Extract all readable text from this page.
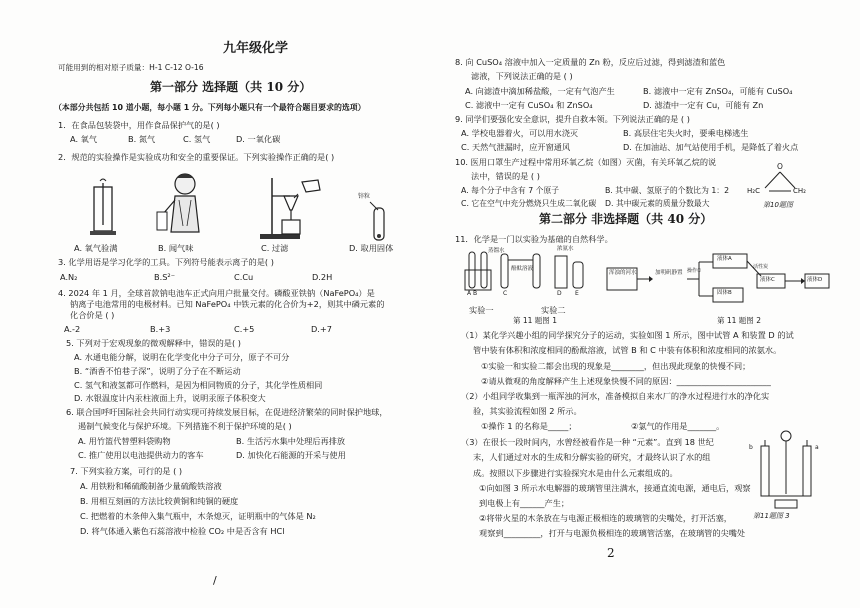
九年级化学
可能用到的相对原子质量：H-1 C-12 O-16
第一部分 选择题（共 10 分）
（本部分共包括 10 道小题，每小题 1 分。下列每小题只有一个最符合题目要求的选项）
1．在食品包装袋中，用作食品保护气的是( )
A. 氧气	B. 氮气	C. 氢气	D. 一氧化碳
2．规范的实验操作是实验成功和安全的重要保证。下列实验操作正确的是( )
锌粒
A. 氧气验满	B. 闻气味	C. 过滤	D. 取用固体
3. 化学用语是学习化学的工具。下列符号能表示离子的是( )
A.N₂	B.S²⁻	C.Cu	D.2H
4. 2024 年 1 月，全球首款钠电池车正式向用户批量交付。磷酸亚铁钠（NaFePO₄）是
钠离子电池常用的电极材料。已知 NaFePO₄ 中铁元素的化合价为+2，则其中磷元素的
化合价是 ( )
A.-2	B.+3	C.+5	D.+7
5. 下列对于宏观现象的微观解释中，错误的是( )
A. 水通电能分解，说明在化学变化中分子可分，原子不可分
B. “酒香不怕巷子深”，说明了分子在不断运动
C. 氢气和液氢都可作燃料，是因为相同物质的分子，其化学性质相同
D. 水银温度计内汞柱液面上升，说明汞原子体积变大
6. 联合国呼吁国际社会共同行动实现可持续发展目标，在促进经济繁荣的同时保护地球，
遏制气候变化与保护环境。下列措施不利于保护环境的是( )
A. 用竹篮代替塑料袋购物	B. 生活污水集中处理后再排放
C. 推广使用以电池提供动力的客车	D. 加快化石能源的开采与使用
7. 下列实验方案，可行的是 ( )
A. 用铁粉和稀硫酸制备少量硫酸铁溶液
B. 用相互刻画的方法比较黄铜和纯铜的硬度
C. 把燃着的木条伸入集气瓶中，木条熄灭，证明瓶中的气体是 N₂
D. 将气体通入紫色石蕊溶液中检验 CO₂ 中是否含有 HCl
/
8. 向 CuSO₄ 溶液中加入一定质量的 Zn 粉，反应后过滤，得到滤渣和蓝色
滤液，下列说法正确的是 ( )
A. 向滤渣中滴加稀盐酸，一定有气泡产生	B. 滤液中一定有 ZnSO₄，可能有 CuSO₄
C. 滤液中一定有 CuSO₄ 和 ZnSO₄	D. 滤渣中一定有 Cu，可能有 Zn
9. 同学们要强化安全意识，提升自救本领。下列说法正确的是 ( )
A. 学校电器着火，可以用水浇灭	B. 高层住宅失火时，要乘电梯逃生
C. 天然气泄漏时，应开窗通风	D. 在加油站、加气站使用手机，是降低了着火点
10. 医用口罩生产过程中常用环氧乙烷（如图）灭菌，有关环氧乙烷的说
法中，错误的是 ( )
A. 每个分子中含有 7 个原子	B. 其中碳、氢原子的个数比为 1：2
C. 它在空气中充分燃烧只生成二氧化碳 D. 其中碳元素的质量分数最大
O
H₂C	CH₂
第10题图
第二部分 非选择题（共 40 分）
11．化学是一门以实验为基础的自然科学。
蒸馏水
酚酞溶液
浓氨水
A B	C	D E
实验一	实验二
第 11 题图 1
浑浊的河水	加明矾静置 操作①
液体A
固体B
活性炭
液体C	液体D
第 11 题图 2
（1）某化学兴趣小组的同学探究分子的运动，实验如图 1 所示，图中试管 A 和装置 D 的试
管中装有体积和浓度相同的酚酞溶液，试管 B 和 C 中装有体积和浓度相同的浓氨水。
①实验一和实验二都会出现的现象是________，但出现此现象的快慢不同；
②请从微观的角度解释产生上述现象快慢不同的原因：_______________________
（2）小组同学收集到一瓶浑浊的河水，准备模拟自来水厂的净水过程进行水的净化实
验，其实验流程如图 2 所示。
①操作 1 的名称是_____；	②氯气的作用是_______。
（3）在很长一段时间内，水曾经被看作是一种 “元素”。直到 18 世纪
末，人们通过对水的生成和分解实验的研究，才最终认识了水的组
成。按照以下步骤进行实验探究水是由什么元素组成的。
①向如图 3 所示水电解器的玻璃管里注满水，接通直流电源，通电后，观察
到电极上有______产生；
②将带火星的木条放在与电源正极相连的玻璃管的尖嘴处，打开活塞，
观察到_________，打开与电源负极相连的玻璃管活塞，在玻璃管的尖嘴处
b	a
第11题图 3
2
